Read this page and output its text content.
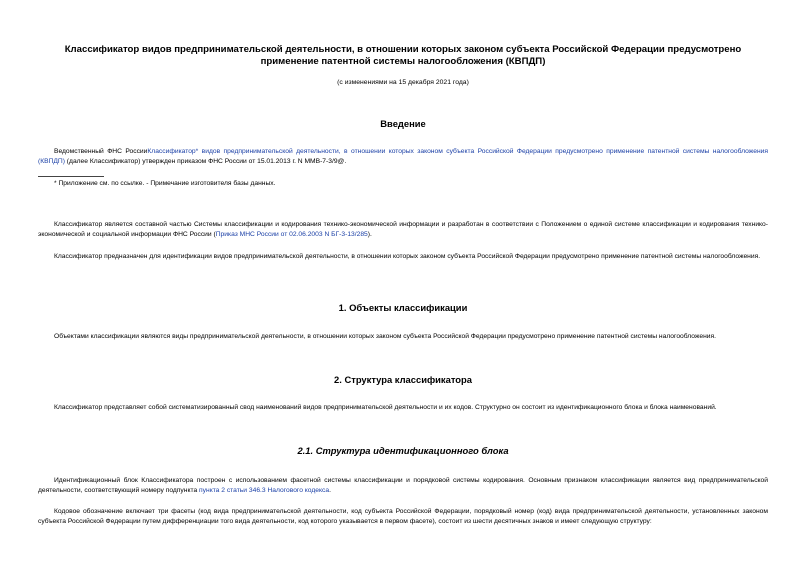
Классификатор видов предпринимательской деятельности, в отношении которых законом субъекта Российской Федерации предусмотрено применение патентной системы налогообложения (КВПДП)
(с изменениями на 15 декабря 2021 года)
Введение
Ведомственный ФНС РоссииКлассификатор* видов предпринимательской деятельности, в отношении которых законом субъекта Российской Федерации предусмотрено применение патентной системы налогообложения (КВПДП) (далее Классификатор) утвержден приказом ФНС России от 15.01.2013 г. N ММВ-7-3/9@.
* Приложение см. по ссылке. - Примечание изготовителя базы данных.
Классификатор является составной частью Системы классификации и кодирования технико-экономической информации и разработан в соответствии с Положением о единой системе классификации и кодирования технико-экономической и социальной информации ФНС России (Приказ МНС России от 02.06.2003 N БГ-3-13/285).
Классификатор предназначен для идентификации видов предпринимательской деятельности, в отношении которых законом субъекта Российской Федерации предусмотрено применение патентной системы налогообложения.
1. Объекты классификации
Объектами классификации являются виды предпринимательской деятельности, в отношении которых законом субъекта Российской Федерации предусмотрено применение патентной системы налогообложения.
2. Структура классификатора
Классификатор представляет собой систематизированный свод наименований видов предпринимательской деятельности и их кодов. Структурно он состоит из идентификационного блока и блока наименований.
2.1. Структура идентификационного блока
Идентификационный блок Классификатора построен с использованием фасетной системы классификации и порядковой системы кодирования. Основным признаком классификации является вид предпринимательской деятельности, соответствующий номеру подпункта пункта 2 статьи 346.3 Налогового кодекса.
Кодовое обозначение включает три фасеты (код вида предпринимательской деятельности, код субъекта Российской Федерации, порядковый номер (код) вида предпринимательской деятельности, установленных законом субъекта Российской Федерации путем дифференциации того вида деятельности, код которого указывается в первом фасете), состоит из шести десятичных знаков и имеет следующую структуру:
